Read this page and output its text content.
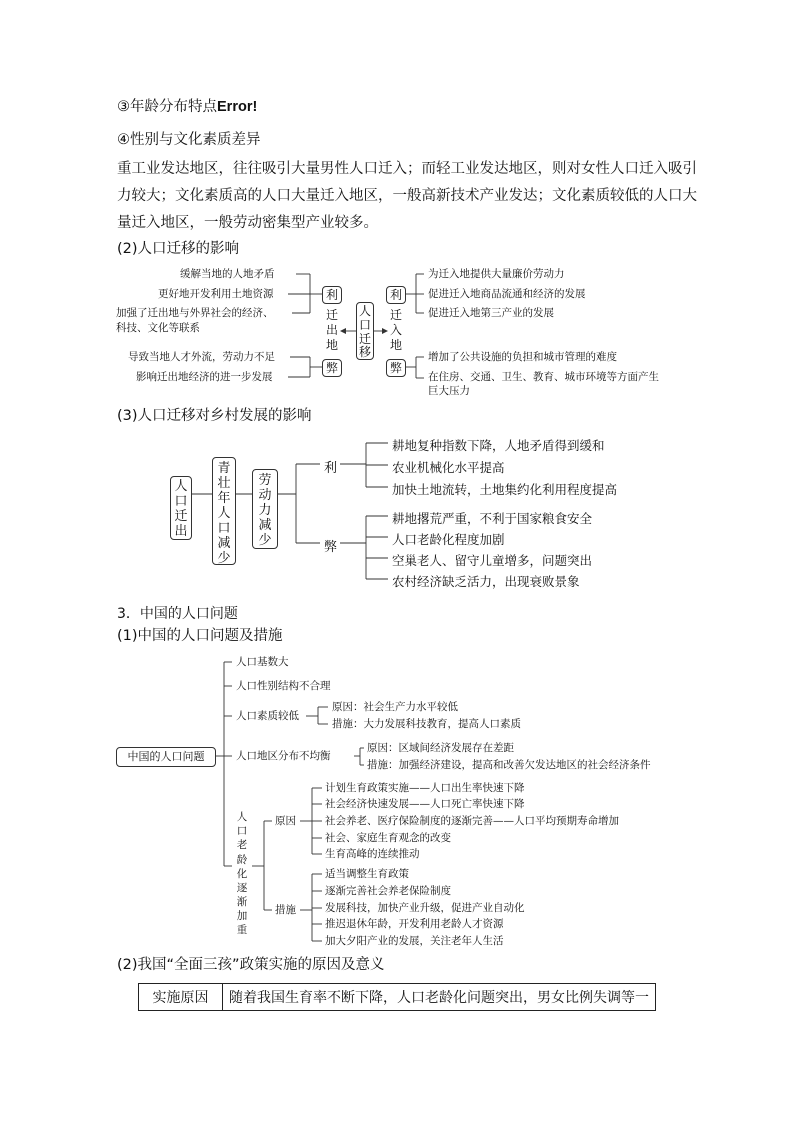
③年龄分布特点Error!
④性别与文化素质差异
重工业发达地区，往往吸引大量男性人口迁入；而轻工业发达地区，则对女性人口迁入吸引
力较大；文化素质高的人口大量迁入地区，一般高新技术产业发达；文化素质较低的人口大
量迁入地区，一般劳动密集型产业较多。
(2)人口迁移的影响
缓解当地的人地矛盾
更好地开发利用土地资源
加强了迁出地与外界社会的经济、
科技、文化等联系
导致当地人才外流，劳动力不足
影响迁出地经济的进一步发展
利
迁出地
弊
人口迁移
利
迁入地
弊
为迁入地提供大量廉价劳动力
促进迁入地商品流通和经济的发展
促进迁入地第三产业的发展
增加了公共设施的负担和城市管理的难度
在住房、交通、卫生、教育、城市环境等方面产生
巨大压力
(3)人口迁移对乡村发展的影响
人口迁出
青壮年人口减少
劳动力减少
利
弊
耕地复种指数下降，人地矛盾得到缓和
农业机械化水平提高
加快土地流转，土地集约化利用程度提高
耕地撂荒严重，不利于国家粮食安全
人口老龄化程度加剧
空巢老人、留守儿童增多，问题突出
农村经济缺乏活力，出现衰败景象
3．中国的人口问题
(1)中国的人口问题及措施
中国的人口问题
人口基数大
人口性别结构不合理
人口素质较低
原因：社会生产力水平较低
措施：大力发展科技教育，提高人口素质
人口地区分布不均衡
原因：区域间经济发展存在差距
措施：加强经济建设，提高和改善欠发达地区的社会经济条件
人口老龄化逐渐加重
原因
措施
计划生育政策实施——人口出生率快速下降
社会经济快速发展——人口死亡率快速下降
社会养老、医疗保险制度的逐渐完善——人口平均预期寿命增加
社会、家庭生育观念的改变
生育高峰的连续推动
适当调整生育政策
逐渐完善社会养老保险制度
发展科技，加快产业升级，促进产业自动化
推迟退休年龄，开发利用老龄人才资源
加大夕阳产业的发展，关注老年人生活
(2)我国“全面三孩”政策实施的原因及意义
实施原因	随着我国生育率不断下降，人口老龄化问题突出，男女比例失调等一
